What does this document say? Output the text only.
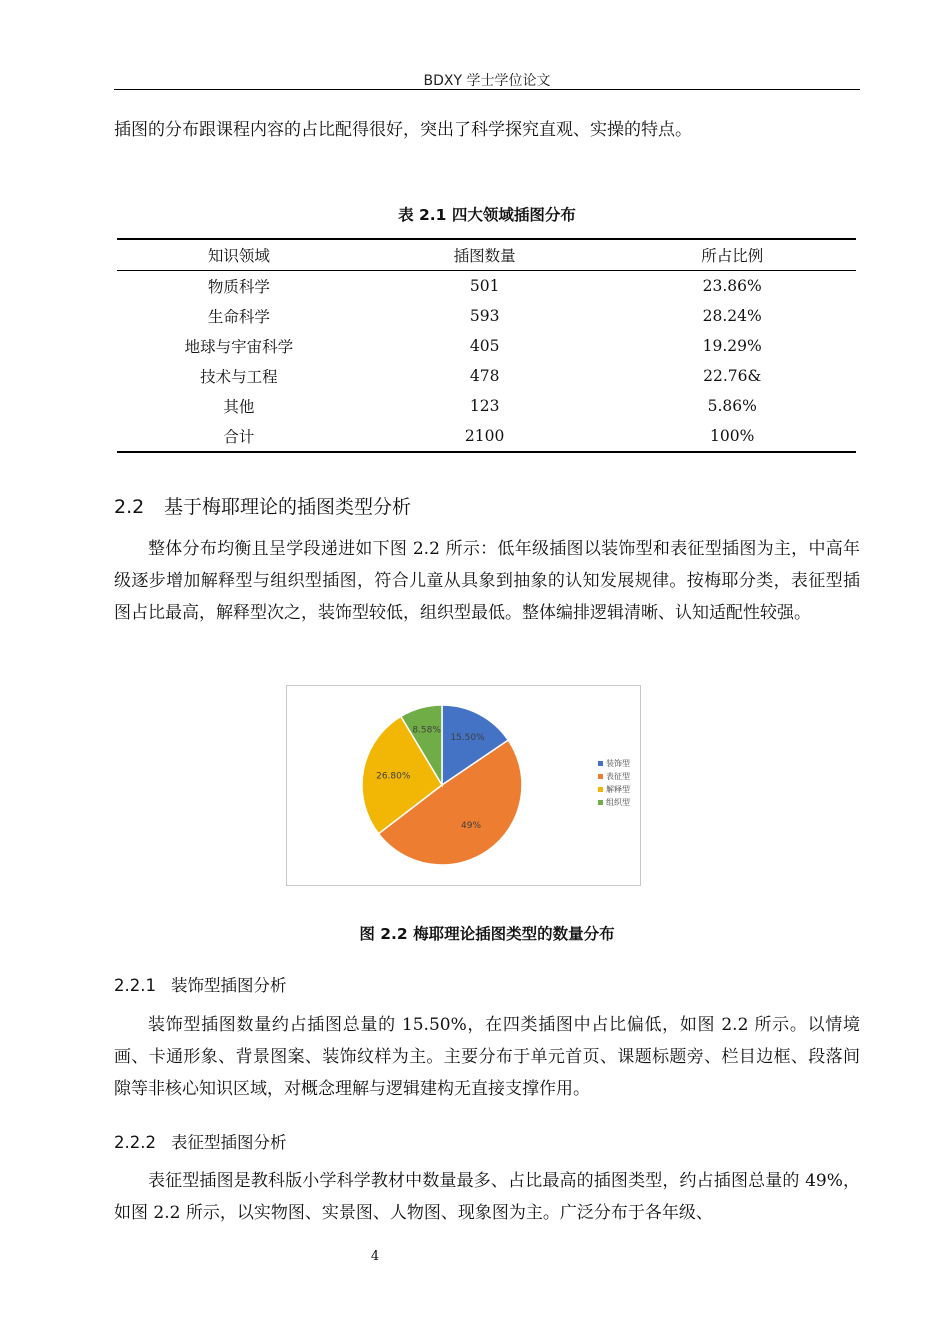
BDXY 学士学位论文

插图的分布跟课程内容的占比配得很好，突出了科学探究直观、实操的特点。

表 2.1 四大领域插图分布
知识领域	插图数量	所占比例
物质科学	501	23.86%
生命科学	593	28.24%
地球与宇宙科学	405	19.29%
技术与工程	478	22.76&
其他	123	5.86%
合计	2100	100%
2.2 基于梅耶理论的插图类型分析

整体分布均衡且呈学段递进如下图 2.2 所示：低年级插图以装饰型和表征型插图为主，中高年级逐步增加解释型与组织型插图，符合儿童从具象到抽象的认知发展规律。按梅耶分类，表征型插图占比最高，解释型次之，装饰型较低，组织型最低。整体编排逻辑清晰、认知适配性较强。

15.50%
49%
26.80%
8.58%
装饰型
表征型
解释型
组织型
图 2.2 梅耶理论插图类型的数量分布
2.2.1 装饰型插图分析

装饰型插图数量约占插图总量的 15.50%，在四类插图中占比偏低，如图 2.2 所示。以情境画、卡通形象、背景图案、装饰纹样为主。主要分布于单元首页、课题标题旁、栏目边框、段落间隙等非核心知识区域，对概念理解与逻辑建构无直接支撑作用。

2.2.2 表征型插图分析

表征型插图是教科版小学科学教材中数量最多、占比最高的插图类型，约占插图总量的 49%，如图 2.2 所示，以实物图、实景图、人物图、现象图为主。广泛分布于各年级、

4
